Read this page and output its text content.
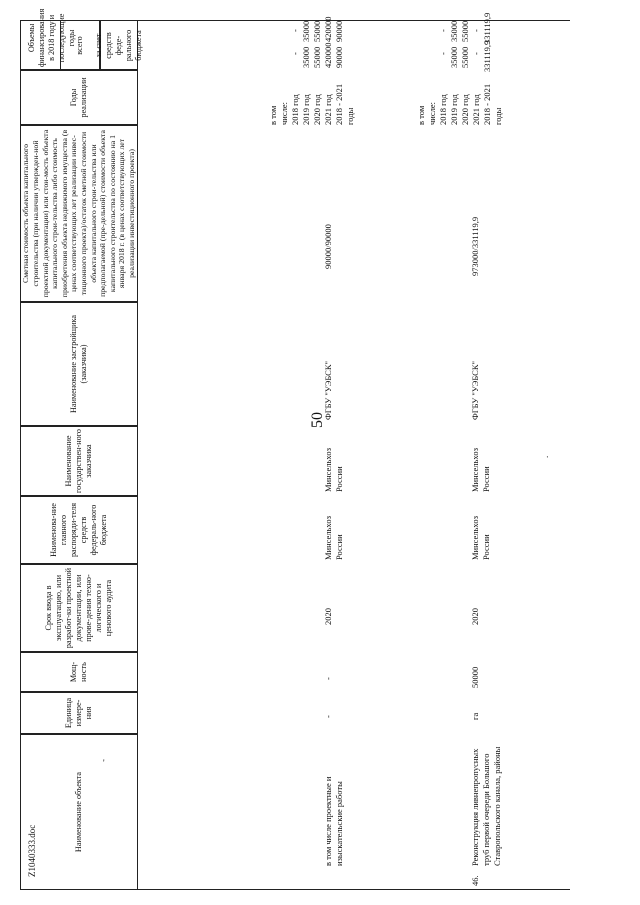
50
Z1040333.doc
'
Наименование объекта
Единица измере-ния
Мощ-ность
Срок ввода в эксплуатацию, или разработ-ки проектной документации, или прове-дения техно-логического и ценового аудита
Наименова-ние главного распоряди-теля средств федераль-ного бюджета
Наименование государствен-ного заказчика
Наименование застройщика (заказчика)
Сметная стоимость объекта капитального строительства (при наличии утвержден-ной проектной документации) или стои-мость объекта капитального строи-тельства либо стоимость приобретения объекта недвижимого имущества (в ценах соответствующих лет реализации инвес-тиционного проекта)/остаток сметной стоимости объекта капитального строи-тельства или предполагаемой (пре-дельной) стоимости объекта капитального строительства по состоянию на 1 января 2018 г. (в ценах соответствующих лет реализации инвестиционного проекта)
Годы реализации
Объемы финансирования в 2018 году и последующие годы всего	за счет средств феде-рального бюджета
в том числе проектные и изыскательские работы
-
-
2020
Минсельхоз России
Минсельхоз России
ФГБУ "УЭБСК"
90000/90000
в том числе: 2018 год 2019 год 2020 год 2021 год 2018 - 2021 годы
- 35000 55000 420000 90000
- 35000 55000 420000 90000
46.
Реконструкция ливнепропусных труб первой очереди Большого Ставропольского канала, районы
га
50000
2020
Минсельхоз России
Минсельхоз России
ФГБУ "УЭБСК"
973000/331119,9
в том числе: 2018 год 2019 год 2020 год 2021 год 2018 - 2021 годы
- 35000 55000 - 331119,9
- 35000 55000 - 331119,9
.
